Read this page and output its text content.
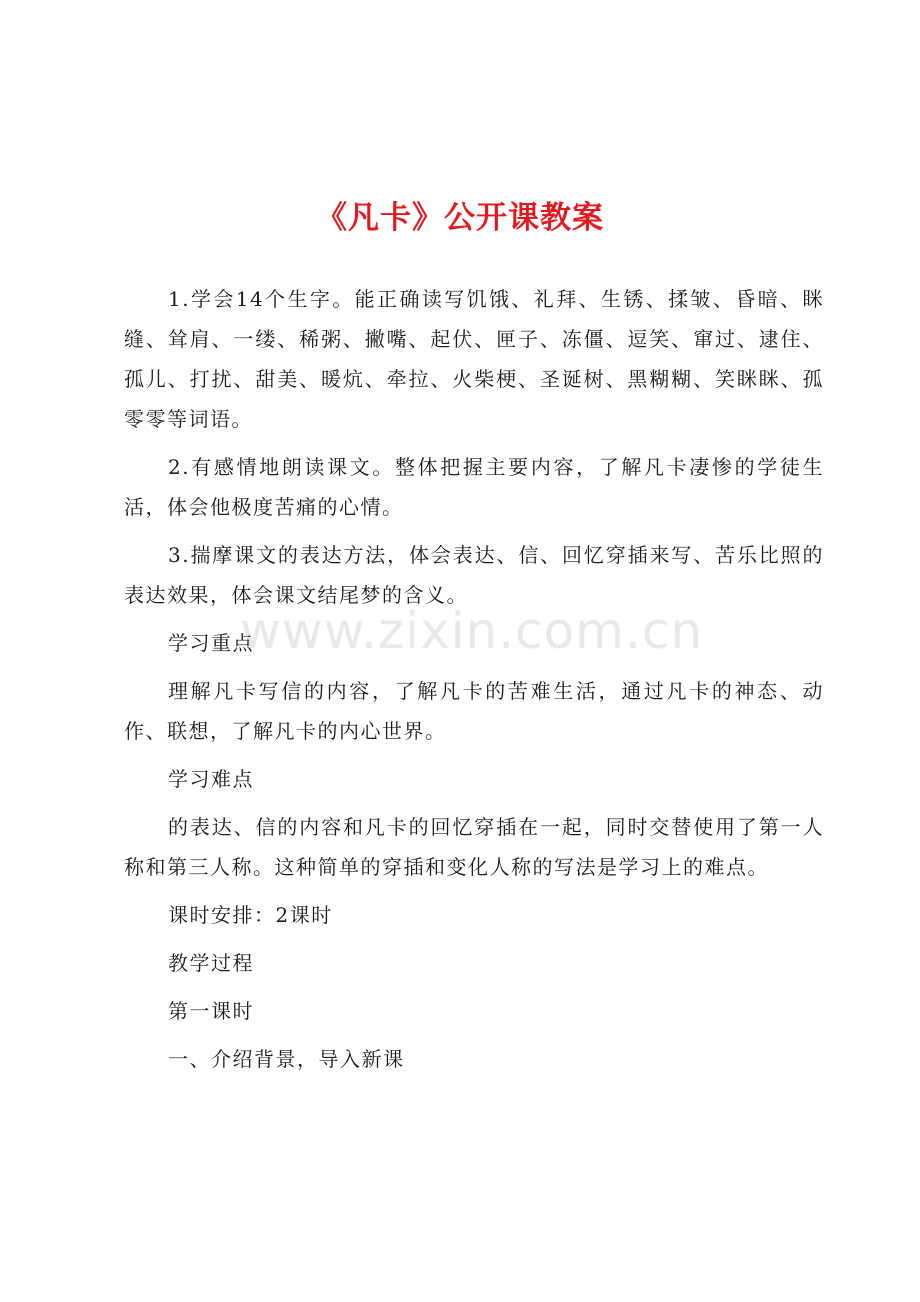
《凡卡》公开课教案

1.学会14个生字。能正确读写饥饿、礼拜、生锈、揉皱、昏暗、眯缝、耸肩、一缕、稀粥、撇嘴、起伏、匣子、冻僵、逗笑、窜过、逮住、孤儿、打扰、甜美、暖炕、牵拉、火柴梗、圣诞树、黑糊糊、笑眯眯、孤零零等词语。

2.有感情地朗读课文。整体把握主要内容，了解凡卡凄惨的学徒生活，体会他极度苦痛的心情。

3.揣摩课文的表达方法，体会表达、信、回忆穿插来写、苦乐比照的表达效果，体会课文结尾梦的含义。

学习重点

理解凡卡写信的内容，了解凡卡的苦难生活，通过凡卡的神态、动作、联想，了解凡卡的内心世界。

学习难点

的表达、信的内容和凡卡的回忆穿插在一起，同时交替使用了第一人称和第三人称。这种简单的穿插和变化人称的写法是学习上的难点。

课时安排：2课时

教学过程

第一课时

一、介绍背景，导入新课

www.zixin.com.cn
